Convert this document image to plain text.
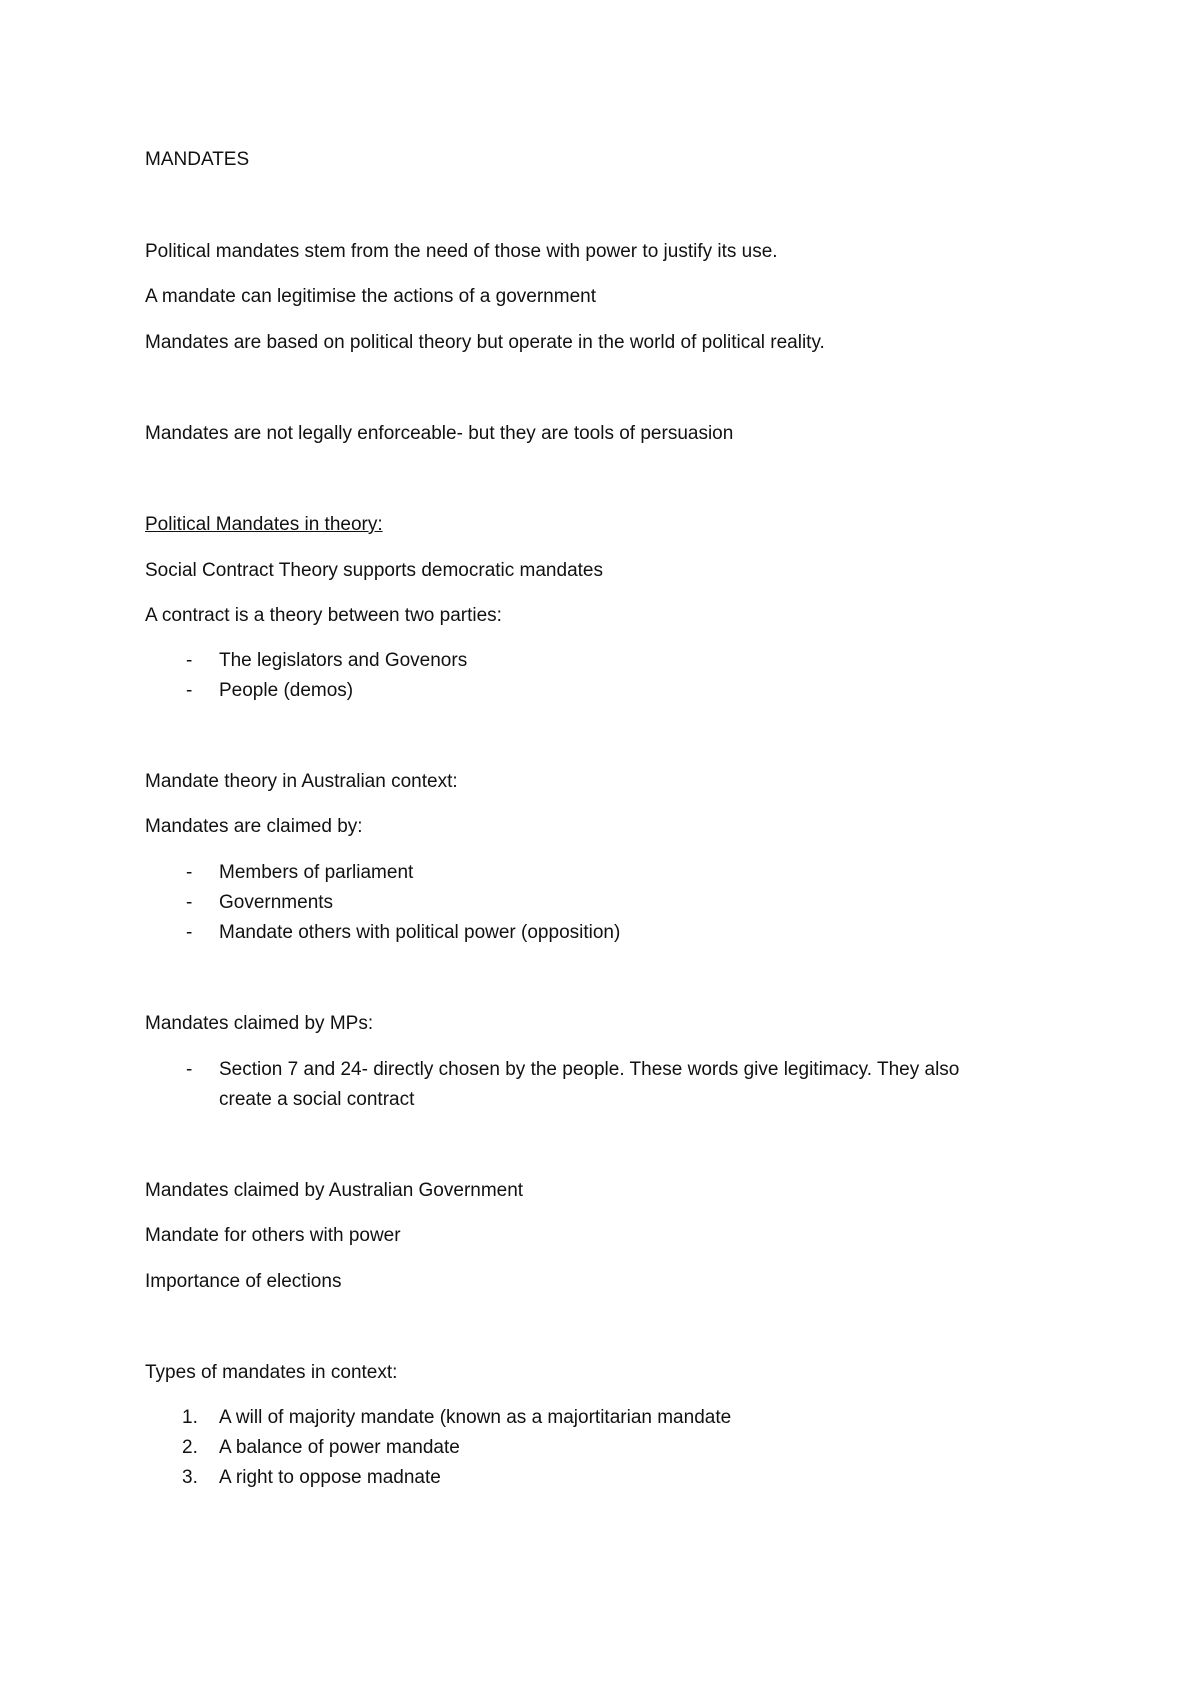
MANDATES
Political mandates stem from the need of those with power to justify its use.
A mandate can legitimise the actions of a government
Mandates are based on political theory but operate in the world of political reality.
Mandates are not legally enforceable- but they are tools of persuasion
Political Mandates in theory:
Social Contract Theory supports democratic mandates
A contract is a theory between two parties:
- The legislators and Govenors
- People (demos)
Mandate theory in Australian context:
Mandates are claimed by:
- Members of parliament
- Governments
- Mandate others with political power (opposition)
Mandates claimed by MPs:
- Section 7 and 24- directly chosen by the people. These words give legitimacy. They also
create a social contract
Mandates claimed by Australian Government
Mandate for others with power
Importance of elections
Types of mandates in context:
1. A will of majority mandate (known as a majortitarian mandate
2. A balance of power mandate
3. A right to oppose madnate
